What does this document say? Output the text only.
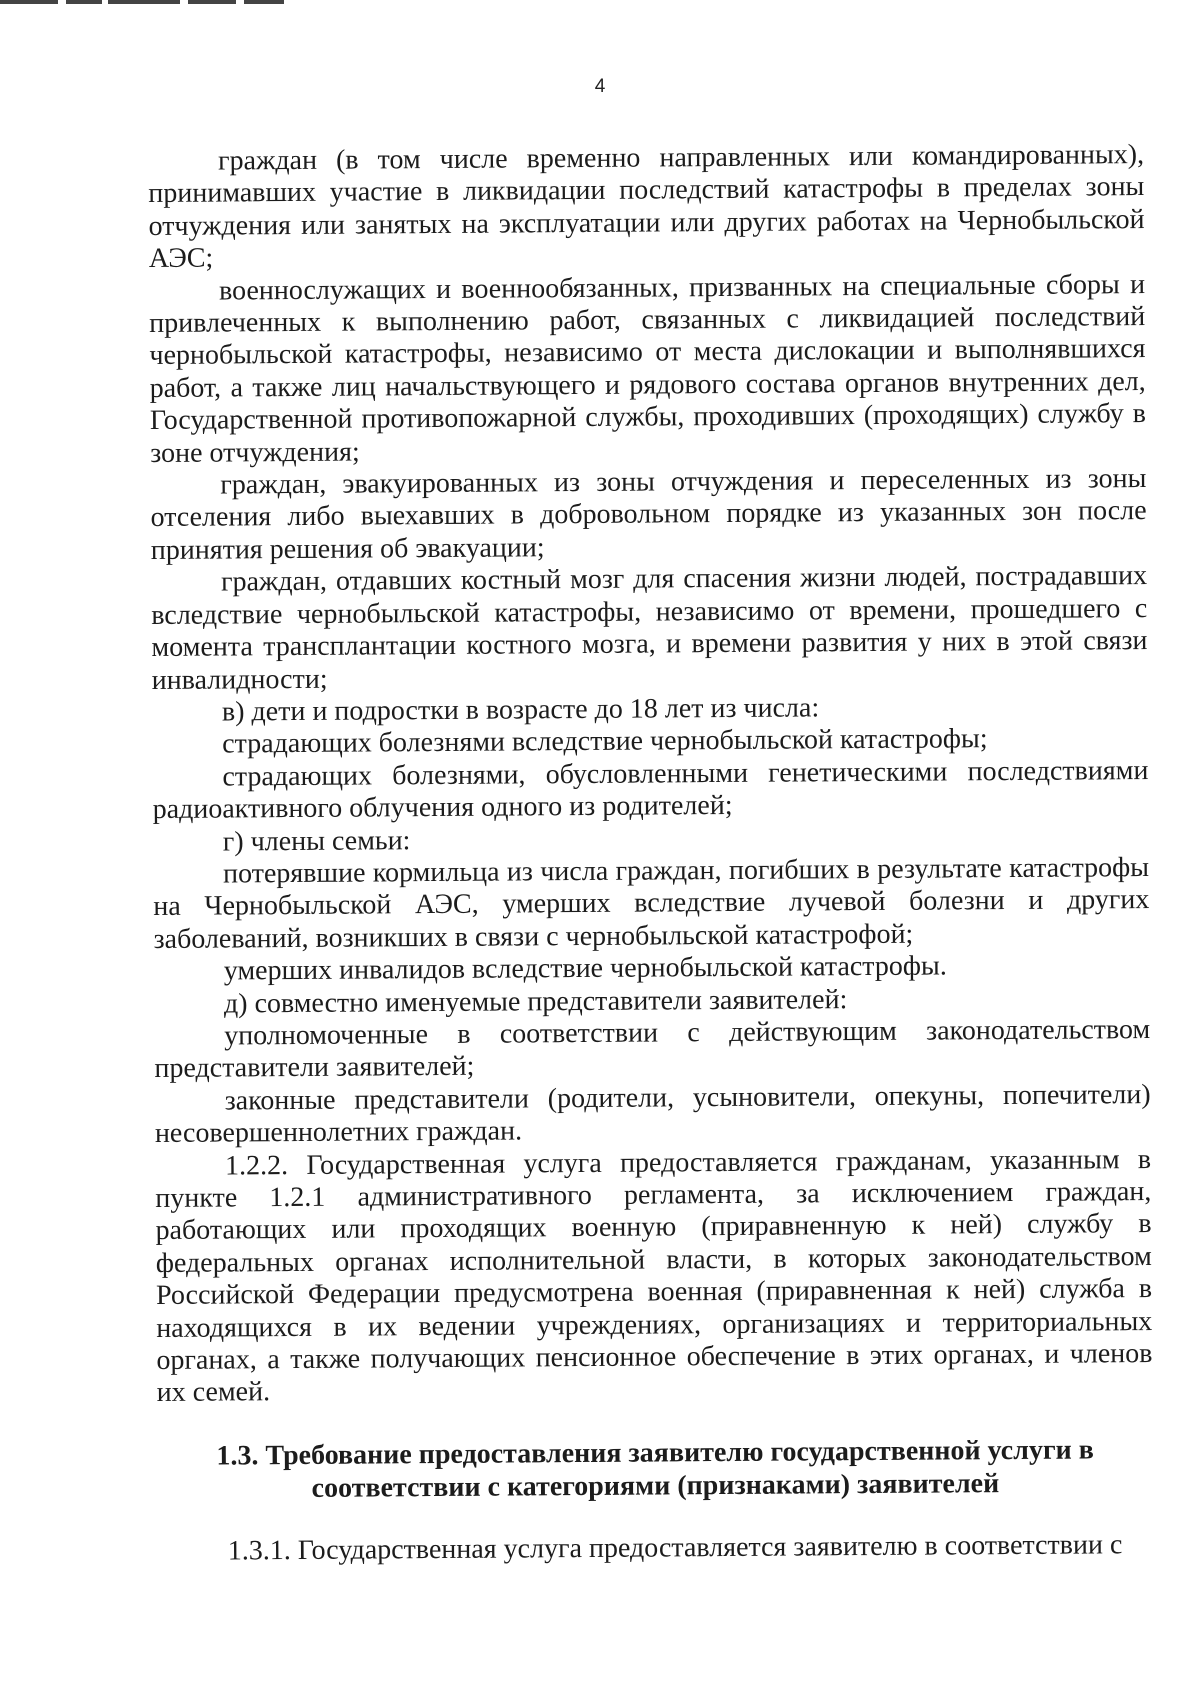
4

граждан (в том числе временно направленных или командированных), принимавших участие в ликвидации последствий катастрофы в пределах зоны отчуждения или занятых на эксплуатации или других работах на Чернобыльской АЭС;

военнослужащих и военнообязанных, призванных на специальные сборы и привлеченных к выполнению работ, связанных с ликвидацией последствий чернобыльской катастрофы, независимо от места дислокации и выполнявшихся работ, а также лиц начальствующего и рядового состава органов внутренних дел, Государственной противопожарной службы, проходивших (проходящих) службу в зоне отчуждения;

граждан, эвакуированных из зоны отчуждения и переселенных из зоны отселения либо выехавших в добровольном порядке из указанных зон после принятия решения об эвакуации;

граждан, отдавших костный мозг для спасения жизни людей, пострадавших вследствие чернобыльской катастрофы, независимо от времени, прошедшего с момента трансплантации костного мозга, и времени развития у них в этой связи инвалидности;

в) дети и подростки в возрасте до 18 лет из числа:

страдающих болезнями вследствие чернобыльской катастрофы;

страдающих болезнями, обусловленными генетическими последствиями радиоактивного облучения одного из родителей;

г) члены семьи:

потерявшие кормильца из числа граждан, погибших в результате катастрофы на Чернобыльской АЭС, умерших вследствие лучевой болезни и других заболеваний, возникших в связи с чернобыльской катастрофой;

умерших инвалидов вследствие чернобыльской катастрофы.

д) совместно именуемые представители заявителей:

уполномоченные в соответствии с действующим законодательством представители заявителей;

законные представители (родители, усыновители, опекуны, попечители) несовершеннолетних граждан.

1.2.2. Государственная услуга предоставляется гражданам, указанным в пункте 1.2.1 административного регламента, за исключением граждан, работающих или проходящих военную (приравненную к ней) службу в федеральных органах исполнительной власти, в которых законодательством Российской Федерации предусмотрена военная (приравненная к ней) служба в находящихся в их ведении учреждениях, организациях и территориальных органах, а также получающих пенсионное обеспечение в этих органах, и членов их семей.

1.3. Требование предоставления заявителю государственной услуги в соответствии с категориями (признаками) заявителей

1.3.1. Государственная услуга предоставляется заявителю в соответствии с
